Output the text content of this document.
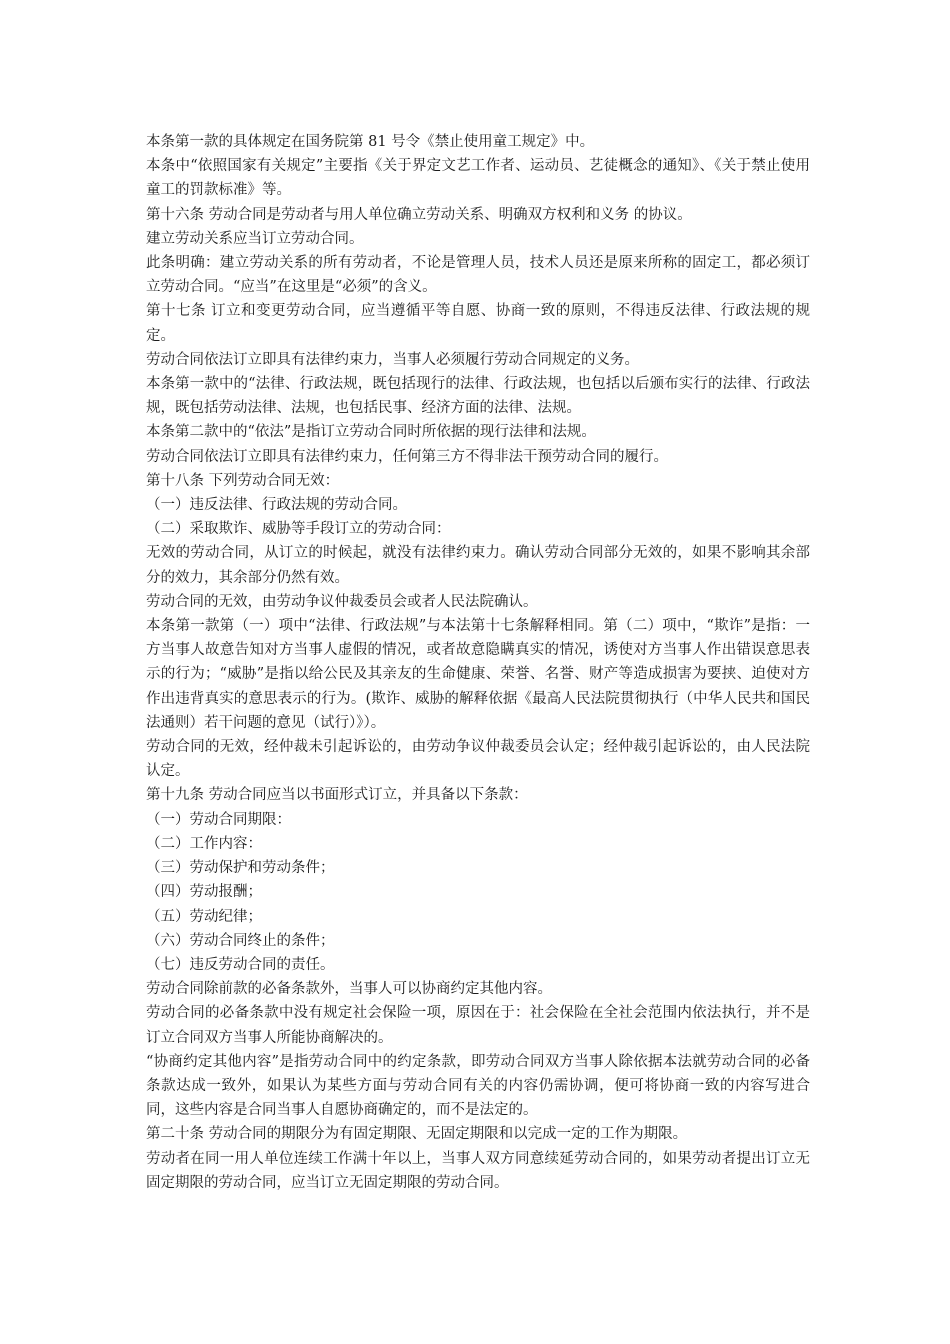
本条第一款的具体规定在国务院第 81 号令《禁止使用童工规定》中。

本条中“依照国家有关规定”主要指《关于界定文艺工作者、运动员、艺徒概念的通知》、《关于禁止使用童工的罚款标准》等。

第十六条 劳动合同是劳动者与用人单位确立劳动关系、明确双方权利和义务 的协议。

建立劳动关系应当订立劳动合同。

此条明确：建立劳动关系的所有劳动者，不论是管理人员，技术人员还是原来所称的固定工，都必须订立劳动合同。“应当”在这里是“必须”的含义。

第十七条 订立和变更劳动合同，应当遵循平等自愿、协商一致的原则，不得违反法律、行政法规的规定。

劳动合同依法订立即具有法律约束力，当事人必须履行劳动合同规定的义务。

本条第一款中的“法律、行政法规，既包括现行的法律、行政法规，也包括以后颁布实行的法律、行政法规，既包括劳动法律、法规，也包括民事、经济方面的法律、法规。

本条第二款中的“依法”是指订立劳动合同时所依据的现行法律和法规。

劳动合同依法订立即具有法律约束力，任何第三方不得非法干预劳动合同的履行。

第十八条 下列劳动合同无效：

（一）违反法律、行政法规的劳动合同。

（二）采取欺诈、威胁等手段订立的劳动合同：

无效的劳动合同，从订立的时候起，就没有法律约束力。确认劳动合同部分无效的，如果不影响其余部分的效力，其余部分仍然有效。

劳动合同的无效，由劳动争议仲裁委员会或者人民法院确认。

本条第一款第（一）项中“法律、行政法规”与本法第十七条解释相同。第（二）项中，“欺诈”是指：一方当事人故意告知对方当事人虚假的情况，或者故意隐瞒真实的情况，诱使对方当事人作出错误意思表示的行为；“威胁”是指以给公民及其亲友的生命健康、荣誉、名誉、财产等造成损害为要挟、迫使对方作出违背真实的意思表示的行为。(欺诈、威胁的解释依据《最高人民法院贯彻执行（中华人民共和国民法通则）若干问题的意见（试行）》）。

劳动合同的无效，经仲裁未引起诉讼的，由劳动争议仲裁委员会认定；经仲裁引起诉讼的，由人民法院认定。

第十九条 劳动合同应当以书面形式订立，并具备以下条款：

（一）劳动合同期限：

（二）工作内容：

（三）劳动保护和劳动条件；

（四）劳动报酬；

（五）劳动纪律；

（六）劳动合同终止的条件；

（七）违反劳动合同的责任。

劳动合同除前款的必备条款外，当事人可以协商约定其他内容。

劳动合同的必备条款中没有规定社会保险一项，原因在于：社会保险在全社会范围内依法执行，并不是订立合同双方当事人所能协商解决的。

“协商约定其他内容”是指劳动合同中的约定条款，即劳动合同双方当事人除依据本法就劳动合同的必备条款达成一致外，如果认为某些方面与劳动合同有关的内容仍需协调，便可将协商一致的内容写进合同，这些内容是合同当事人自愿协商确定的，而不是法定的。

第二十条 劳动合同的期限分为有固定期限、无固定期限和以完成一定的工作为期限。

劳动者在同一用人单位连续工作满十年以上，当事人双方同意续延劳动合同的，如果劳动者提出订立无固定期限的劳动合同，应当订立无固定期限的劳动合同。
